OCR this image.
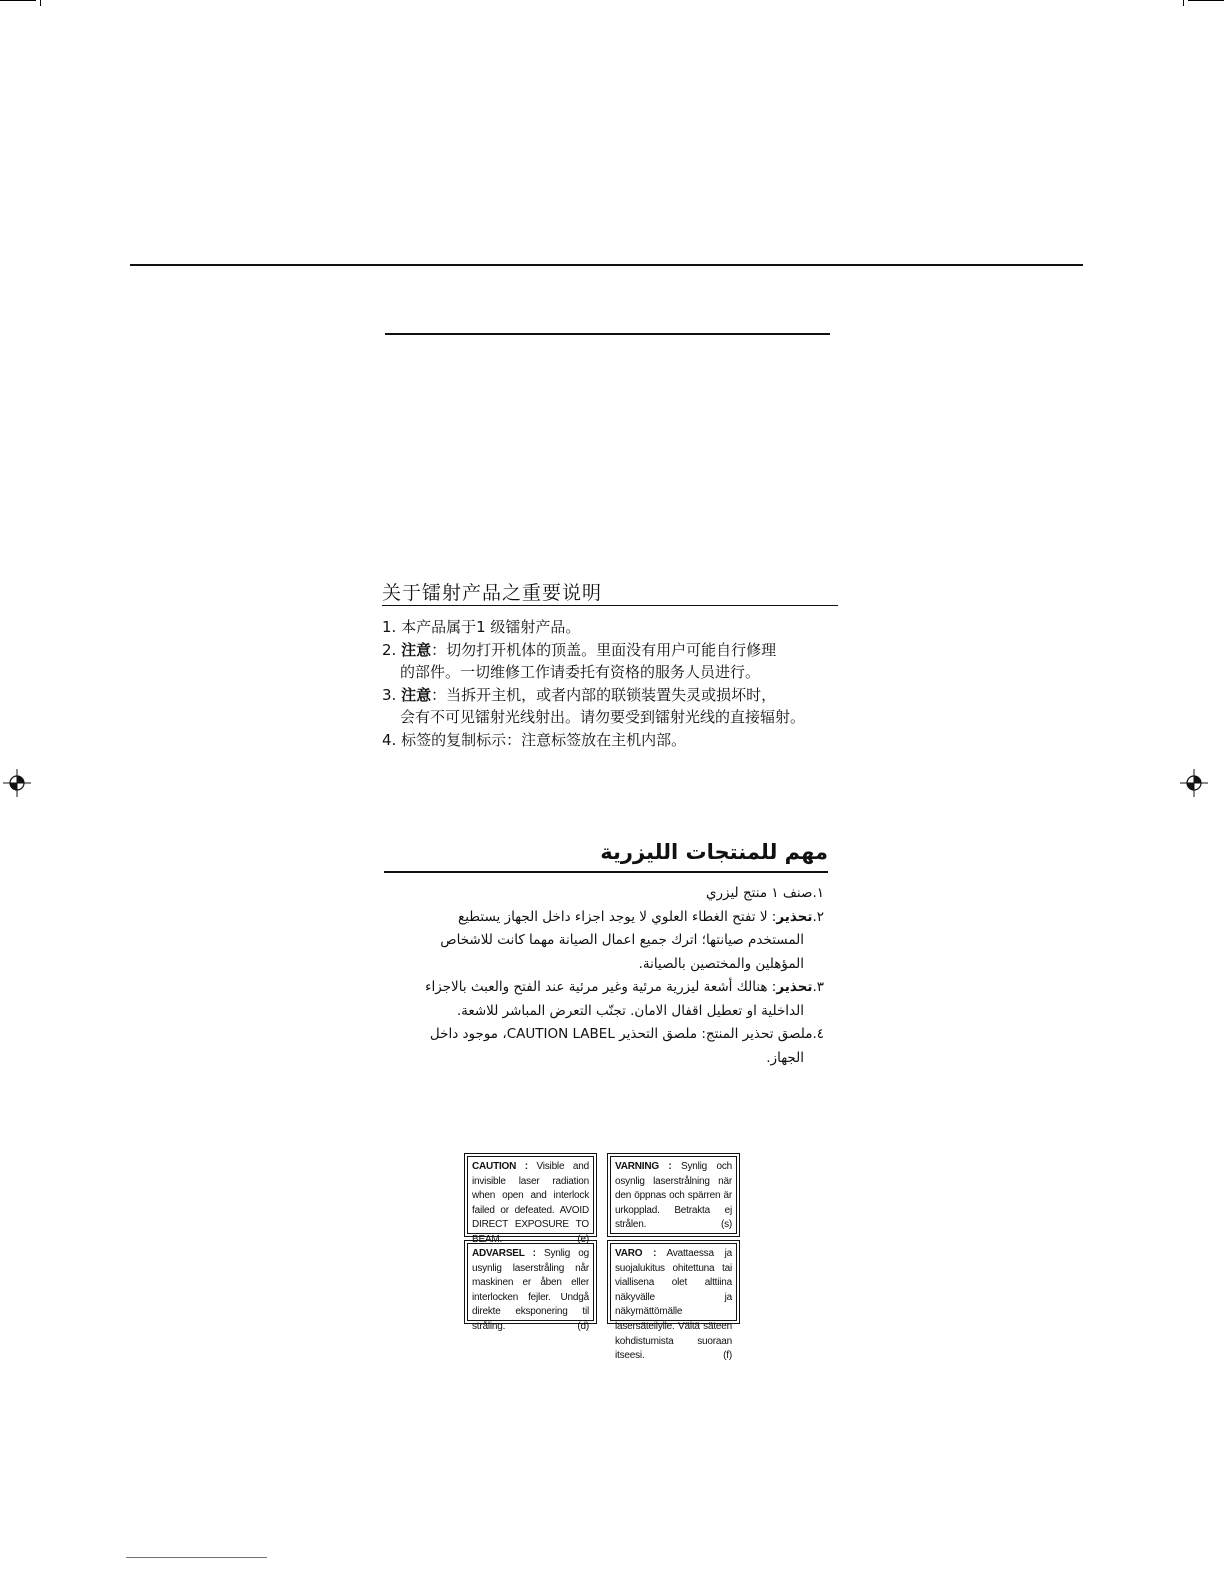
关于镭射产品之重要说明
1. 本产品属于1 级镭射产品。
2. 注意：切勿打开机体的顶盖。里面没有用户可能自行修理
的部件。一切维修工作请委托有资格的服务人员进行。
3. 注意：当拆开主机，或者内部的联锁装置失灵或损坏时，
会有不可见镭射光线射出。请勿要受到镭射光线的直接辐射。
4. 标签的复制标示：注意标签放在主机内部。
مهم للمنتجات الليزرية
١.صنف ١ منتج ليزري
٢.تحذير: لا تفتح الغطاء العلوي لا يوجد اجزاء داخل الجهاز يستطيع
المستخدم صيانتها؛ اترك جميع اعمال الصيانة مهما كانت للاشخاص
المؤهلين والمختصين بالصيانة.
٣.تحذير: هنالك أشعة ليزرية مرئية وغير مرئية عند الفتح والعبث بالاجزاء
الداخلية او تعطيل اقفال الامان. تجنّب التعرض المباشر للاشعة.
٤.ملصق تحذير المنتج: ملصق التحذير CAUTION LABEL، موجود داخل
الجهاز.
CAUTION : Visible and invisible laser radiation when open and interlock failed or defeated. AVOID DIRECT EXPOSURE TO BEAM.	(e)
VARNING : Synlig och osynlig laserstrålning när den öppnas och spärren är urkopplad. Betrakta ej strålen.	(s)
ADVARSEL : Synlig og usynlig laserstråling når maskinen er åben eller interlocken fejler. Undgå direkte eksponering til stråling.	(d)
VARO : Avattaessa ja suojalukitus ohitettuna tai viallisena olet alttiina näkyvälle ja näkymättömälle lasersäteilylle. Vältä säteen kohdistumista suoraan itseesi.	(f)
